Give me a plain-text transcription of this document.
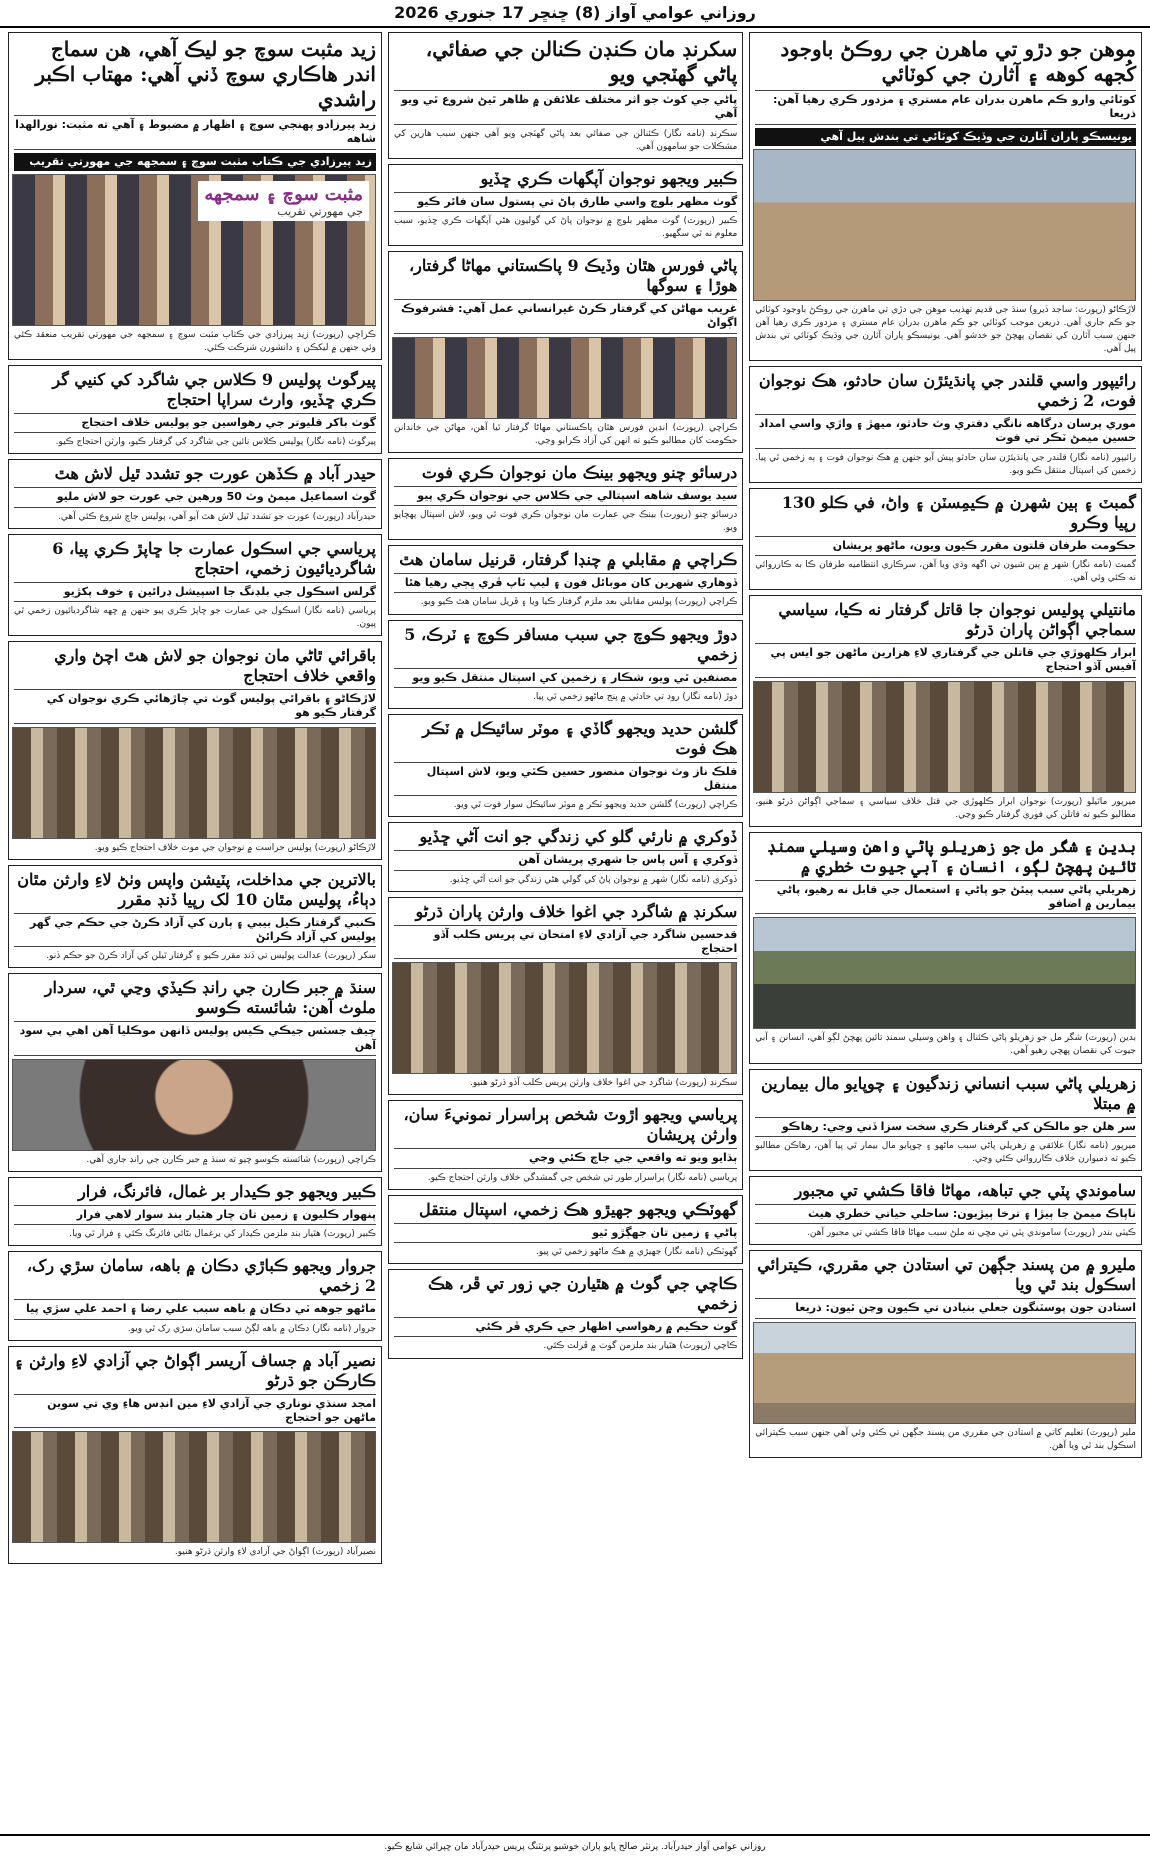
روزاني عوامي آواز (8) ڇنڇر 17 جنوري 2026
موهن جو دڙو تي ماهرن جي روڪڻ باوجود کُجهه کوهه ۽ آثارن جي کوٽائي
کوٽائي وارو ڪم ماهرن بدران عام مستري ۽ مزدور ڪري رهيا آهن: ذريعا
يونيسڪو پاران آثارن جي وڏيڪ کوٽائي تي بندش پيل آهي

لاڙڪاڻو (رپورٽ: ساجد ڏيرو) سنڌ جي قديم تهذيب موهن جي دڙي تي ماهرن جي روڪڻ باوجود کوٽائي جو ڪم جاري آهي. ذريعن موجب کوٽائي جو ڪم ماهرن بدران عام مستري ۽ مزدور ڪري رهيا آهن جنهن سبب آثارن کي نقصان پهچڻ جو خدشو آهي. يونيسڪو پاران آثارن جي وڌيڪ کوٽائي تي بندش پيل آهي.

رائيپور واسي قلندر جي پانڌيئڙن سان حادثو، هڪ نوجوان فوت، 2 زخمي
موري پرسان درگاهه نانگي دفتري وٽ حادثو، ميهڙ ۽ واڙي واسي امداد حسين ميمڻ ٽڪر تي فوت

رائيپور (نامه نگار) قلندر جي پانڌيئڙن سان حادثو پيش آيو جنهن ۾ هڪ نوجوان فوت ۽ ٻه زخمي ٿي پيا. زخمين کي اسپتال منتقل ڪيو ويو.

گمبٽ ۽ ٻين شهرن ۾ ڪيمِسٽن ۽ واڻ، في ڪلو 130 رپيا وڪرو
حڪومت طرفان قلتون مقرر ڪيون ويون، ماڻهو پريشان

گمبٽ (نامه نگار) شهر ۾ ٻين شيون تي اگهه وڌي ويا آهن، سرڪاري انتظاميه طرفان ڪا به ڪارروائي نه ڪئي وئي آهي.

مانتيلي پوليس نوجوان جا قاتل گرفتار نه ڪيا، سياسي سماجي اڳواڻن پاران ڌرڻو
ابرار ڪلهوڙي جي قاتلن جي گرفتاري لاءِ هزارين ماڻهن جو ايس پي آفيس آڏو احتجاج

ميرپور ماٿيلو (رپورٽ) نوجوان ابرار ڪلهوڙي جي قتل خلاف سياسي ۽ سماجي اڳواڻن ڌرڻو هنيو، مطالبو ڪيو ته قاتلن کي فوري گرفتار ڪيو وڃي.

بدين ۽ شگر مل جو زهريلو پاڻي واهن وسيلي سمنڊ تائين پهچڻ لڳو، انسان ۽ آبي جيوت خطري ۾
زهريلي پاڻي سبب پيئڻ جو پاڻي ۽ استعمال جي قابل نه رهيو، پاڻي بيمارين ۾ اضافو

بدين (رپورٽ) شگر مل جو زهريلو پاڻي ڪئنال ۽ واهن وسيلي سمنڊ تائين پهچڻ لڳو آهي، انسانن ۽ آبي جيوت کي نقصان پهچي رهيو آهي.

زهريلي پاڻي سبب انساني زندگيون ۽ چوپايو مال بيمارين ۾ مبتلا
سر هلن جو مالڪن کي گرفتار ڪري سخت سزا ڏني وڃي: رهاڪو

ميرپور (نامه نگار) علائقي ۾ زهريلي پاڻي سبب ماڻهو ۽ چوپايو مال بيمار ٿي پيا آهن، رهاڪن مطالبو ڪيو ته ذميوارن خلاف ڪارروائي ڪئي وڃي.

ساموندي پٽي جي تباهه، مهاڻا فاقا ڪشي تي مجبور
ناپاڪ ميمڻ جا ٻيڙا ۽ ترخا ٻيڙيون: ساحلي حياتي خطري هيٺ

ڪيٽي بندر (رپورٽ) ساموندي پٽي تي مڇي نه ملڻ سبب مهاڻا فاقا ڪشي تي مجبور آهن.

مليرو ۾ من پسند جڳهن تي استادن جي مقرري، ڪيترائي اسڪول بند ٿي ويا
استادن جون پوسٽنگون جعلي بنيادن تي ڪيون وڃن ٿيون: ذريعا

ملير (رپورٽ) تعليم کاتي ۾ استادن جي مقرري من پسند جڳهن تي ڪئي وئي آهي جنهن سبب ڪيترائي اسڪول بند ٿي ويا آهن.

سکرنڊ مان ڪنڊن ڪنالن جي صفائي، پاڻي گهٽجي ويو
پاڻي جي کوٽ جو اثر مختلف علائقن ۾ ظاهر ٿيڻ شروع ٿي ويو آهي

سڪرنڊ (نامه نگار) ڪئنالن جي صفائي بعد پاڻي گهٽجي ويو آهي جنهن سبب هارين کي مشڪلات جو سامهون آهي.

ڪبير ويجهو نوجوان آپگهات ڪري ڇڏيو
گوٺ مظهر بلوچ واسي طارق پاڻ تي پستول سان فائر ڪيو

ڪبير (رپورٽ) گوٺ مظهر بلوچ ۾ نوجوان پاڻ کي گوليون هڻي آپگهات ڪري ڇڏيو، سبب معلوم نه ٿي سگهيو.

پاڻي فورس هٿان وڏيڪ 9 پاڪستاني مهاڻا گرفتار، هوڙا ۽ سوگها
غريب مهاڻن کي گرفتار ڪرڻ غيرانساني عمل آهي: فشرفوڪ اڳواڻ

ڪراچي (رپورٽ) انڊين فورس هٿان پاڪستاني مهاڻا گرفتار ٿيا آهن، مهاڻن جي خاندانن حڪومت کان مطالبو ڪيو ته انهن کي آزاد ڪرايو وڃي.

درسائو چنو ويجهو بينڪ مان نوجوان ڪري فوت
سيد يوسف شاهه اسپتالي جي ڪلاس جي نوجوان ڪري پيو

درسائو چنو (رپورٽ) بينڪ جي عمارت مان نوجوان ڪري فوت ٿي ويو، لاش اسپتال پهچايو ويو.

ڪراچي ۾ مقابلي ۾ چنڊا گرفتار، قرنيل سامان هٿ
ڏوهاري شهرين کان موبائل فون ۽ ليپ ٽاپ ڦري ڀڄي رهيا هئا

ڪراچي (رپورٽ) پوليس مقابلي بعد ملزم گرفتار ڪيا ويا ۽ ڦريل سامان هٿ ڪيو ويو.

دوڙ ويجهو ڪوچ جي سبب مسافر ڪوچ ۽ ٽرڪ، 5 زخمي
مصنفين ٿي ويو، شڪار ۽ زخمين کي اسپتال منتقل ڪيو ويو

دوڙ (نامه نگار) روڊ تي حادثي ۾ پنج ماڻهو زخمي ٿي پيا.

گلشن حديد ويجهو گاڏي ۽ موٽر سائيڪل ۾ ٽڪر هڪ فوت
فلڪ ناز وٽ نوجوان منصور حسين ڪٿي ويو، لاش اسپتال منتقل

ڪراچي (رپورٽ) گلشن حديد ويجهو ٽڪر ۾ موٽر سائيڪل سوار فوت ٿي ويو.

ڏوکري ۾ نارئي گلو کي زندگي جو انت آڻي ڇڏيو
ڏوکري ۽ آس پاس جا شهري پريشان آهن

ڏوکري (نامه نگار) شهر ۾ نوجوان پاڻ کي گولي هڻي زندگي جو انت آڻي ڇڏيو.

سکرنڊ ۾ شاگرد جي اغوا خلاف وارثن پاران ڌرڻو
قدحسين شاگرد جي آزادي لاءِ امتحان تي پريس ڪلب آڏو احتجاج

سڪرنڊ (رپورٽ) شاگرد جي اغوا خلاف وارثن پريس ڪلب آڏو ڌرڻو هنيو.

پرياسي ويجهو اڙوٽ شخص ٻراسرار نمونيءَ سان، وارثن پريشان
ٻڌايو ويو ته واقعي جي جاچ ڪئي وڃي

پرياسي (نامه نگار) ٻراسرار طور تي شخص جي گمشدگي خلاف وارثن احتجاج ڪيو.

گهوٽڪي ويجهو جهيڙو هڪ زخمي، اسپتال منتقل
پاڻي ۽ زمين تان جهڳڙو ٿيو

گهوٽڪي (نامه نگار) جهيڙي ۾ هڪ ماڻهو زخمي ٿي پيو.

ڪاچي جي گوٺ ۾ هٿيارن جي زور تي ڦر، هڪ زخمي
گوٺ حڪيم ۾ رهواسي اظهار جي ڪري ڦر ڪئي

ڪاچي (رپورٽ) هٿيار بند ملزمن گوٺ ۾ ڦرلٽ ڪئي.

زيد مثبت سوچ جو ليڪ آهي، هن سماج اندر هاڪاري سوچ ڏني آهي: مهتاب اڪبر راشدي
زيد پيرزادو پهنجي سوچ ۽ اظهار ۾ مضبوط ۽ آهي ته مثبت: نورالهدا شاهه
زيد پيرزادي جي ڪتاب مثبت سوچ ۽ سمجهه جي مهورتي تقريب
مثبت سوچ ۽ سمجهه
جي مهورتي تقريب

ڪراچي (رپورٽ) زيد پيرزادي جي ڪتاب مثبت سوچ ۽ سمجهه جي مهورتي تقريب منعقد ڪئي وئي جنهن ۾ ليکڪن ۽ دانشورن شرڪت ڪئي.

پيرگوٺ پوليس 9 ڪلاس جي شاگرد کي کنيي گر ڪري ڇڏيو، وارث سراپا احتجاج
گوٺ باکر قليوتر جي رهواسين جو پوليس خلاف احتجاج

پيرگوٺ (نامه نگار) پوليس ڪلاس نائين جي شاگرد کي گرفتار ڪيو، وارثن احتجاج ڪيو.

حيدر آباد ۾ ڪڏهن عورت جو تشدد ٿيل لاش هٿ
گوٺ اسماعيل ميمڻ وٽ 50 ورهين جي عورت جو لاش مليو

حيدرآباد (رپورٽ) عورت جو تشدد ٿيل لاش هٿ آيو آهي، پوليس جاچ شروع ڪئي آهي.

پرياسي جي اسڪول عمارت جا ڇاپڙ ڪري پيا، 6 شاگرديائيون زخمي، احتجاج
گرلس اسڪول جي بلڊنگ جا اسپيشل ڊرائين ۽ خوف پکڙيو

پرياسي (نامه نگار) اسڪول جي عمارت جو ڇاپڙ ڪري پيو جنهن ۾ ڇهه شاگرديائيون زخمي ٿي پيون.

باقرائي ٿاڻي مان نوجوان جو لاش هٿ اچڻ واري واقعي خلاف احتجاج
لاڙڪاڻو ۽ باقرائي پوليس گوٺ تي چاڙهائي ڪري نوجوان کي گرفتار ڪيو هو

لاڙڪاڻو (رپورٽ) پوليس حراست ۾ نوجوان جي موت خلاف احتجاج ڪيو ويو.

بالاترين جي مداخلت، پٽيشن واپس وٺڻ لاءِ وارثن مٿان دٻاءُ، پوليس مٿان 10 لک رپيا ڏنڊ مقرر
ڪنبي گرفتار ڪيل بيبي ۽ ٻارن کي آزاد ڪرڻ جي حڪم جي گهر پوليس کي آزاد ڪرائڻ

سکر (رپورٽ) عدالت پوليس تي ڏنڊ مقرر ڪيو ۽ گرفتار ٿيلن کي آزاد ڪرڻ جو حڪم ڏنو.

سنڌ ۾ جبر ڪارن جي رانڊ ڪيڏي وڃي ٿي، سردار ملوث آهن: شائسته ڪوسو
چيف جسٽس جيڪي ڪيس پوليس ڏانهن موڪليا آهن اهي بي سود آهن

ڪراچي (رپورٽ) شائسته ڪوسو چيو ته سنڌ ۾ جبر ڪارن جي رانڊ جاري آهي.

ڪبير ويجهو جو ڪيدار بر غمال، فائرنگ، فرار
پنهوار ڪليون ۽ زمين تان چار هٿيار بند سوار لاهي فرار

ڪبير (رپورٽ) هٿيار بند ملزمن ڪيدار کي يرغمال بڻائي فائرنگ ڪئي ۽ فرار ٿي ويا.

جروار ويجهو ڪباڙي دڪان ۾ باهه، سامان سڙي رک، 2 زخمي
ماڻهو جوهه ٽي دڪان ۾ باهه سبب علي رضا ۽ احمد علي سڙي پيا

جروار (نامه نگار) دڪان ۾ باهه لڳڻ سبب سامان سڙي رک ٿي ويو.

نصير آباد ۾ جساف آريسر اڳواڻ جي آزادي لاءِ وارثن ۽ ڪارڪن جو ڌرڻو
امجد سنڌي نوناري جي آزادي لاءِ مين انڊس هاءِ وي تي سوين ماڻهن جو احتجاج

نصيرآباد (رپورٽ) اڳواڻ جي آزادي لاءِ وارثن ڌرڻو هنيو.

روزاني عوامي آواز حيدرآباد. پرنٽر صالح ڀايو پاران خوشبو پرنٽنگ پريس حيدرآباد مان ڇپرائي شايع ڪيو.
